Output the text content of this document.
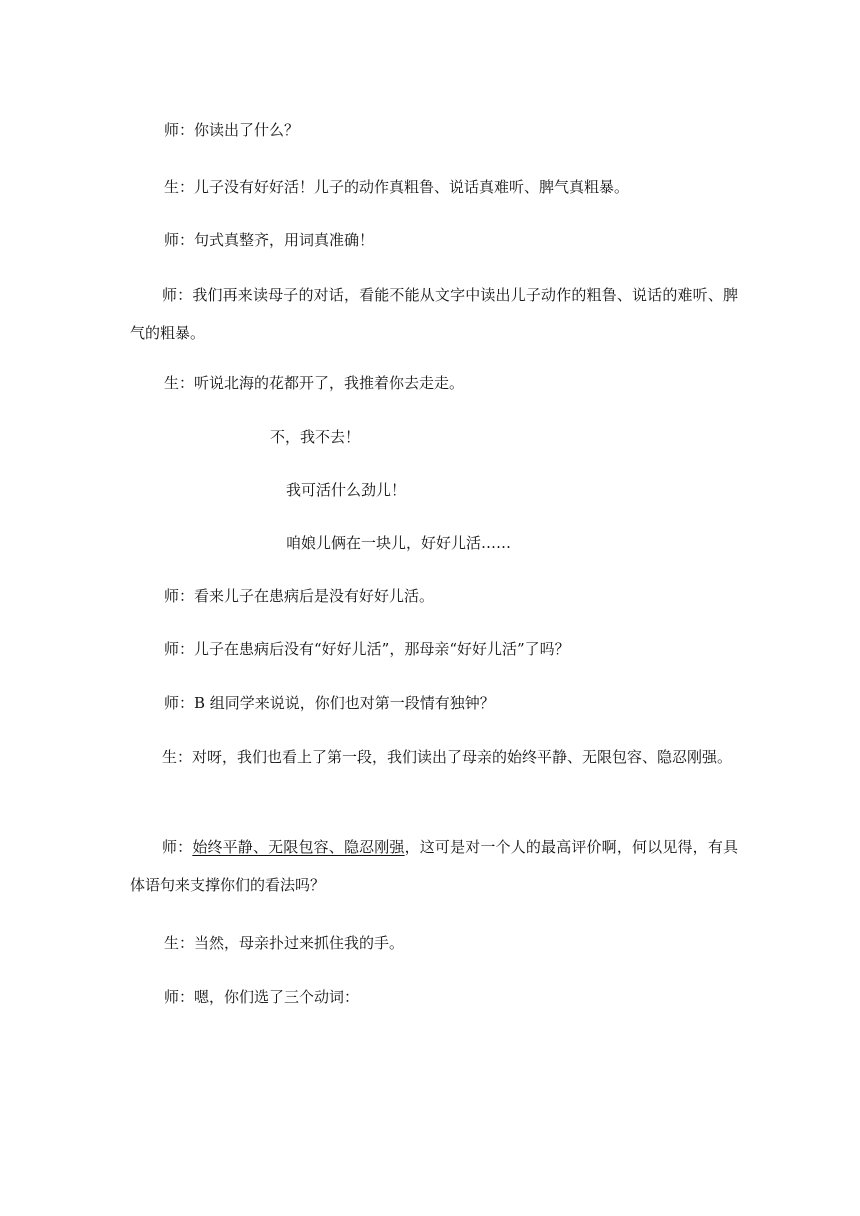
师：你读出了什么？
生：儿子没有好好活！儿子的动作真粗鲁、说话真难听、脾气真粗暴。
师：句式真整齐，用词真准确！
师：我们再来读母子的对话，看能不能从文字中读出儿子动作的粗鲁、说话的难听、脾气的粗暴。
生：听说北海的花都开了，我推着你去走走。
不，我不去！
我可活什么劲儿！
咱娘儿俩在一块儿，好好儿活……
师：看来儿子在患病后是没有好好儿活。
师：儿子在患病后没有“好好儿活”，那母亲“好好儿活”了吗？
师：B 组同学来说说，你们也对第一段情有独钟？
生：对呀，我们也看上了第一段，我们读出了母亲的始终平静、无限包容、隐忍刚强。
师：始终平静、无限包容、隐忍刚强，这可是对一个人的最高评价啊，何以见得，有具体语句来支撑你们的看法吗？
生：当然，母亲扑过来抓住我的手。
师：嗯，你们选了三个动词：
